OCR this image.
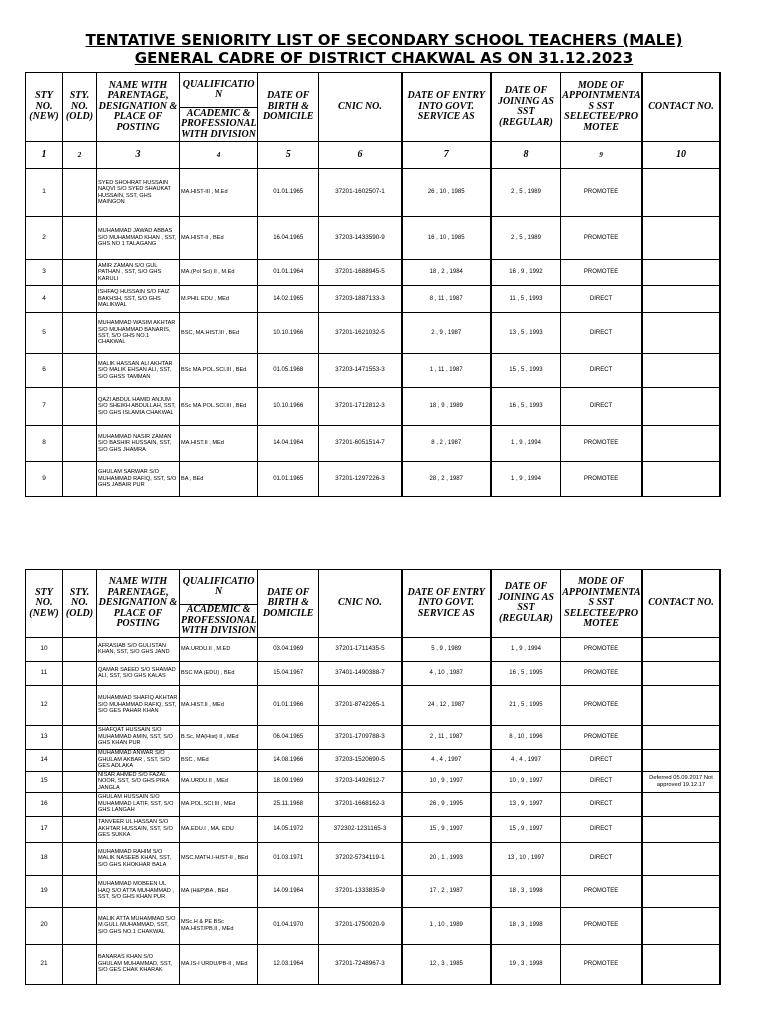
TENTATIVE SENIORITY LIST OF SECONDARY SCHOOL TEACHERS (MALE)
GENERAL CADRE OF DISTRICT CHAKWAL AS ON 31.12.2023
STY NO. (NEW)	STY. NO. (OLD)	NAME WITH PARENTAGE, DESIGNATION & PLACE OF POSTING	QUALIFICATIO N	DATE OF BIRTH & DOMICILE	CNIC NO.	DATE OF ENTRY INTO GOVT. SERVICE AS	DATE OF JOINING AS SST (REGULAR)	MODE OF APPOINTMENTA S SST SELECTEE/PRO MOTEE	CONTACT NO.
			ACADEMIC & PROFESSIONAL WITH DIVISION						
1	2	3	4	5	6	7	8	9	10
1		SYED SHOHRAT HUSSAIN NAQVI S/O SYED SHAUKAT HUSSAIN, SST, GHS MAINGON	MA.HIST-III , M.Ed	01.01.1965	37201-1602507-1	26 , 10 , 1985	2 , 5 , 1989	PROMOTEE	
2		MUHAMMAD JAWAD ABBAS S/O MUHAMMAD KHAN , SST, GHS NO 1 TALAGANG	MA.HIST-II , BEd	16.04.1965	37203-1433590-9	16 , 10 , 1985	2 , 5 , 1989	PROMOTEE	
3		AMIR ZAMAN S/O GUL PATHAN , SST, S/O GHS KARULI	MA.(Pol Sci) II , M.Ed	01.01.1964	37201-1688945-5	18 , 2 , 1984	16 , 9 , 1992	PROMOTEE	
4		ISHFAQ HUSSAIN S/O FAIZ BAKHSH, SST, S/O GHS MALIKWAL	M.PHIL EDU , MEd	14.02.1965	37203-1887133-3	8 , 11 , 1987	11 , 5 , 1993	DIRECT	
5		MUHAMMAD WASIM AKHTAR S/O MUHAMMAD BANARIS, SST, S/O GHS NO.1 CHAKWAL	BSC, MA.HIST.III , BEd	10.10.1966	37201-1621032-5	2 , 9 , 1987	13 , 5 , 1993	DIRECT	
6		MALIK HASSAN ALI AKHTAR S/O MALIK EHSAN ALI, SST, S/O GHSS TAMMAN	BSc MA.POL.SCI.III , BEd	01.05.1968	37203-1471553-3	1 , 11 , 1987	15 , 5 , 1993	DIRECT	
7		QAZI ABDUL HAMID ANJUM S/O SHEIKH ABDULLAH, SST, S/O GHS ISLAMIA CHAKWAL	BSc MA.POL.SCI.III , BEd	10.10.1966	37201-1712812-3	18 , 9 , 1989	16 , 5 , 1993	DIRECT	
8		MUHAMMAD NASIR ZAMAN S/O BASHIR HUSSAIN, SST, S/O GHS JHAMRA	MA.HIST.II , MEd	14.04.1964	37201-6051514-7	8 , 2 , 1987	1 , 9 , 1994	PROMOTEE	
9		GHULAM SARWAR S/O MUHAMMAD RAFIQ, SST, S/O GHS JABAIR PUR	BA , BEd	01.01.1965	37201-1297226-3	28 , 2 , 1987	1 , 9 , 1994	PROMOTEE	
STY NO. (NEW)	STY. NO. (OLD)	NAME WITH PARENTAGE, DESIGNATION & PLACE OF POSTING	QUALIFICATIO N	DATE OF BIRTH & DOMICILE	CNIC NO.	DATE OF ENTRY INTO GOVT. SERVICE AS	DATE OF JOINING AS SST (REGULAR)	MODE OF APPOINTMENTA S SST SELECTEE/PRO MOTEE	CONTACT NO.
			ACADEMIC & PROFESSIONAL WITH DIVISION						
10		AFRASIAB S/O GULISTAN KHAN, SST, S/O GHS JAND	MA.URDU.II , M.ED	03.04.1969	37201-1711435-5	5 , 9 , 1989	1 , 9 , 1994	PROMOTEE	
11		QAMAR SAEED S/O SHAMAD ALI, SST, S/O GHS KALAS	BSC MA (EDU) , BEd	15.04.1967	37401-1490388-7	4 , 10 , 1987	16 , 5 , 1995	PROMOTEE	
12		MUHAMMAD SHAFIQ AKHTAR S/O MUHAMMAD RAFIQ, SST, S/O GES PAHAR KHAN	MA.HIST.II , MEd	01.01.1966	37201-8742265-1	24 , 12 , 1987	21 , 5 , 1995	PROMOTEE	
13		SHAFQAT HUSSAIN S/O MUHAMMAD AMIN, SST, S/O GHS KHAN PUR	B.Sc, MA(Hist) II , MEd	06.04.1965	37201-1709788-3	2 , 11 , 1987	8 , 10 , 1996	PROMOTEE	
14		MUHAMMAD ANWAR S/O GHULAM AKBAR , SST, S/O GES ADLAKA	BSC , MEd	14.08.1966	37203-1520690-5	4 , 4 , 1997	4 , 4 , 1997	DIRECT	
15		NISAR AHMED S/O FAZAL NOOR, SST, S/O GHS PIRA JANGLA	MA.URDU.II , MEd	18.09.1969	37203-1492612-7	10 , 9 , 1997	10 , 9 , 1997	DIRECT	Deferred 05.09.2017 Not approved 19.12.17
16		GHULAM HUSSAIN S/O MUHAMMAD LATIF, SST, S/O GHS LANGAH	MA.POL.SCI.III , MEd	25.11.1968	37201-1668162-3	26 , 9 , 1995	13 , 9 , 1997	DIRECT	
17		TANVEER UL HASSAN S/O AKHTAR HUSSAIN, SST, S/O GES SUKKA	MA.EDU.I , MA. EDU	14.05.1972	372302-1231165-3	15 , 9 , 1997	15 , 9 , 1997	DIRECT	
18		MUHAMMAD RAHIM S/O MALIK NASEEB KHAN, SST, S/O GHS KHOKHAR BALA	MSC.MATH.I-HIST-II , BEd	01.03.1971	37202-5734119-1	20 , 1 , 1993	13 , 10 , 1997	DIRECT	
19		MUHAMMAD MOBEEN UL HAQ S/O ATTA MUHAMMAD , SST, S/O GHS KHAN PUR	MA (H&P)BA , BEd	14.09.1964	37201-1333835-9	17 , 2 , 1987	18 , 3 , 1998	PROMOTEE	
20		MALIK ATTA MUHAMMAD S/O M.GULL MUHAMMAD, SST, S/O GHS NO.1 CHAKWAL	MSc.H & PE BSc MA.HIST/PB.II , MEd	01.04.1970	37201-1750020-9	1 , 10 , 1989	18 , 3 , 1998	PROMOTEE	
21		BANARAS KHAN S/O GHULAM MUHAMMAD, SST, S/O GES CHAK KHARAK	MA.IS-I URDU/PB-II , MEd	12.03.1964	37201-7248967-3	12 , 3 , 1985	19 , 3 , 1998	PROMOTEE	
